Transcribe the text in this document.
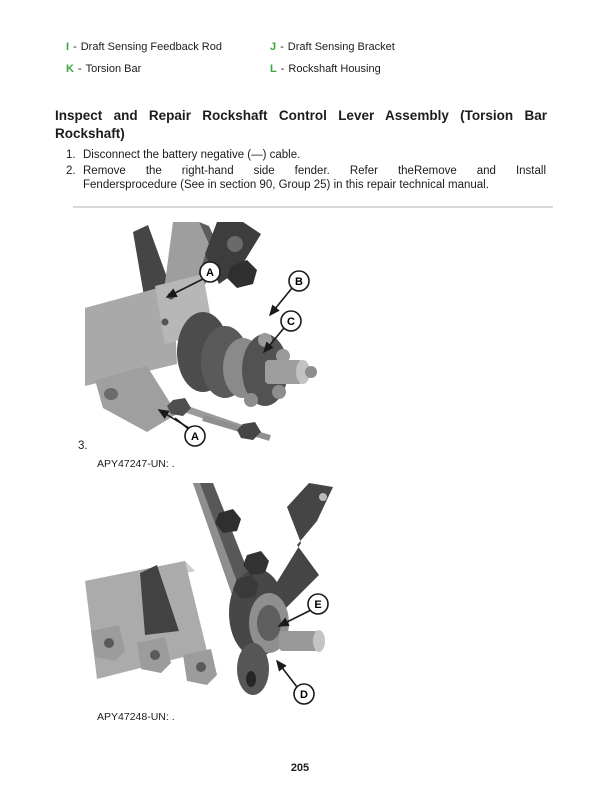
I - Draft Sensing Feedback Rod	J - Draft Sensing Bracket
K - Torsion Bar	L - Rockshaft Housing
Inspect and Repair Rockshaft Control Lever Assembly (Torsion Bar
Rockshaft)
1. Disconnect the battery negative (—) cable.
2. Remove the right-hand side fender. Refer theRemove and Install
Fendersprocedure (See in section 90, Group 25) in this repair technical manual.
A
B
C
A
3.
APY47247-UN: .
E
D
APY47248-UN: .
205
